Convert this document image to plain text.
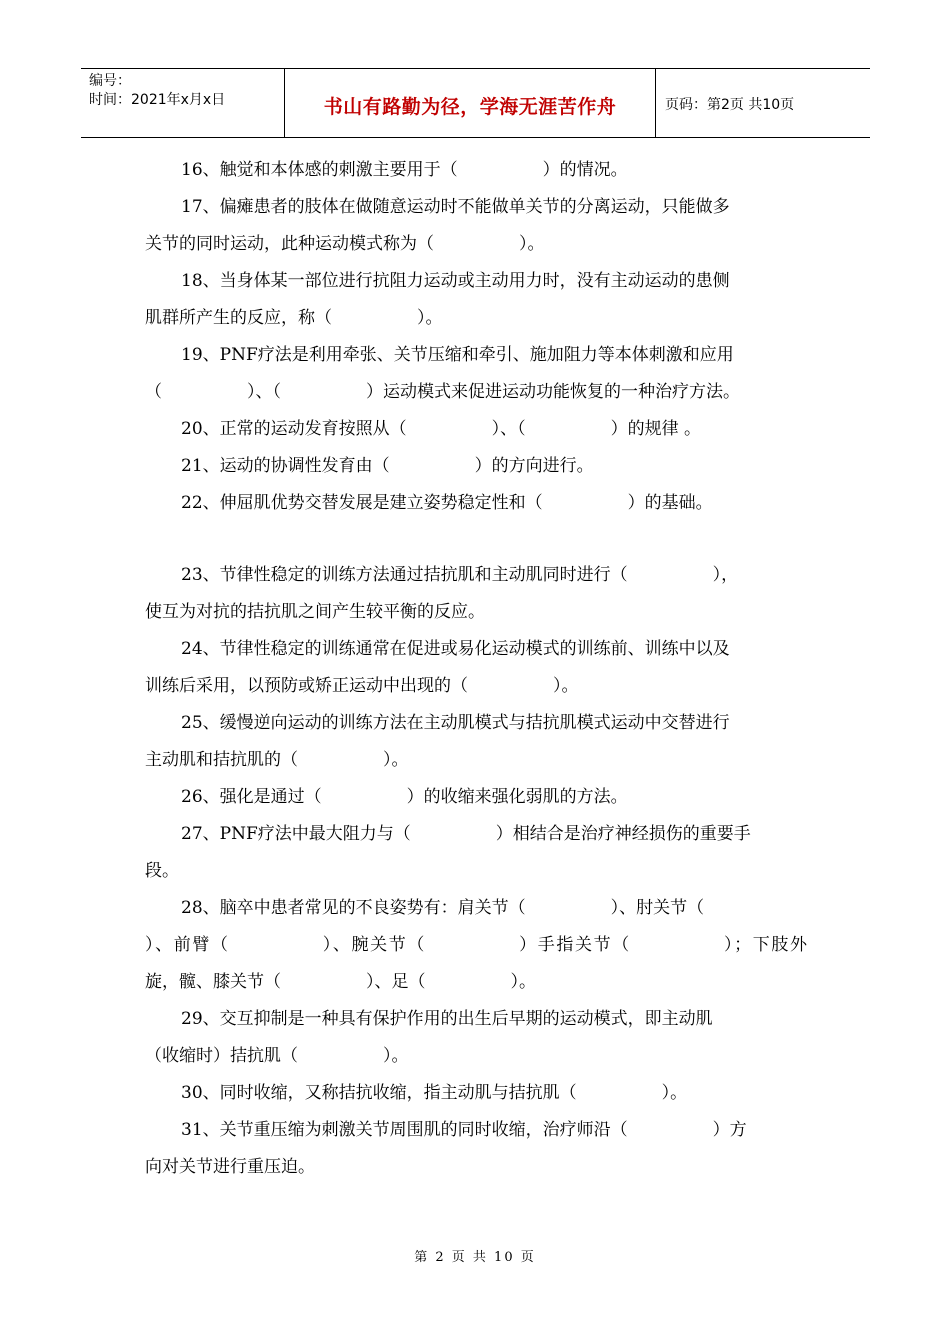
编号：
时间：2021年x月x日	书山有路勤为径，学海无涯苦作舟	页码：第2页 共10页
16、触觉和本体感的刺激主要用于（　　　　　）的情况。
17、偏瘫患者的肢体在做随意运动时不能做单关节的分离运动，只能做多
关节的同时运动，此种运动模式称为（　　　　　）。
18、当身体某一部位进行抗阻力运动或主动用力时，没有主动运动的患侧
肌群所产生的反应，称（　　　　　）。
19、PNF疗法是利用牵张、关节压缩和牵引、施加阻力等本体刺激和应用
（　　　　　）、（　　　　　）运动模式来促进运动功能恢复的一种治疗方法。
20、正常的运动发育按照从（　　　　　）、（　　　　　）的规律 。
21、运动的协调性发育由（　　　　　）的方向进行。
22、伸屈肌优势交替发展是建立姿势稳定性和（　　　　　）的基础。
23、节律性稳定的训练方法通过拮抗肌和主动肌同时进行（　　　　　），
使互为对抗的拮抗肌之间产生较平衡的反应。
24、节律性稳定的训练通常在促进或易化运动模式的训练前、训练中以及
训练后采用，以预防或矫正运动中出现的（　　　　　）。
25、缓慢逆向运动的训练方法在主动肌模式与拮抗肌模式运动中交替进行
主动肌和拮抗肌的（　　　　　）。
26、强化是通过（　　　　　）的收缩来强化弱肌的方法。
27、PNF疗法中最大阻力与（　　　　　）相结合是治疗神经损伤的重要手
段。
28、脑卒中患者常见的不良姿势有：肩关节（　　　　　）、肘关节（
）、前臂（　　　　　）、腕关节（　　　　　）手指关节（　　　　　）；下肢外
旋，髋、膝关节（　　　　　）、足（　　　　　）。
29、交互抑制是一种具有保护作用的出生后早期的运动模式，即主动肌
（收缩时）拮抗肌（　　　　　）。
30、同时收缩，又称拮抗收缩，指主动肌与拮抗肌（　　　　　）。
31、关节重压缩为刺激关节周围肌的同时收缩，治疗师沿（　　　　　）方
向对关节进行重压迫。
第 2 页 共 10 页
